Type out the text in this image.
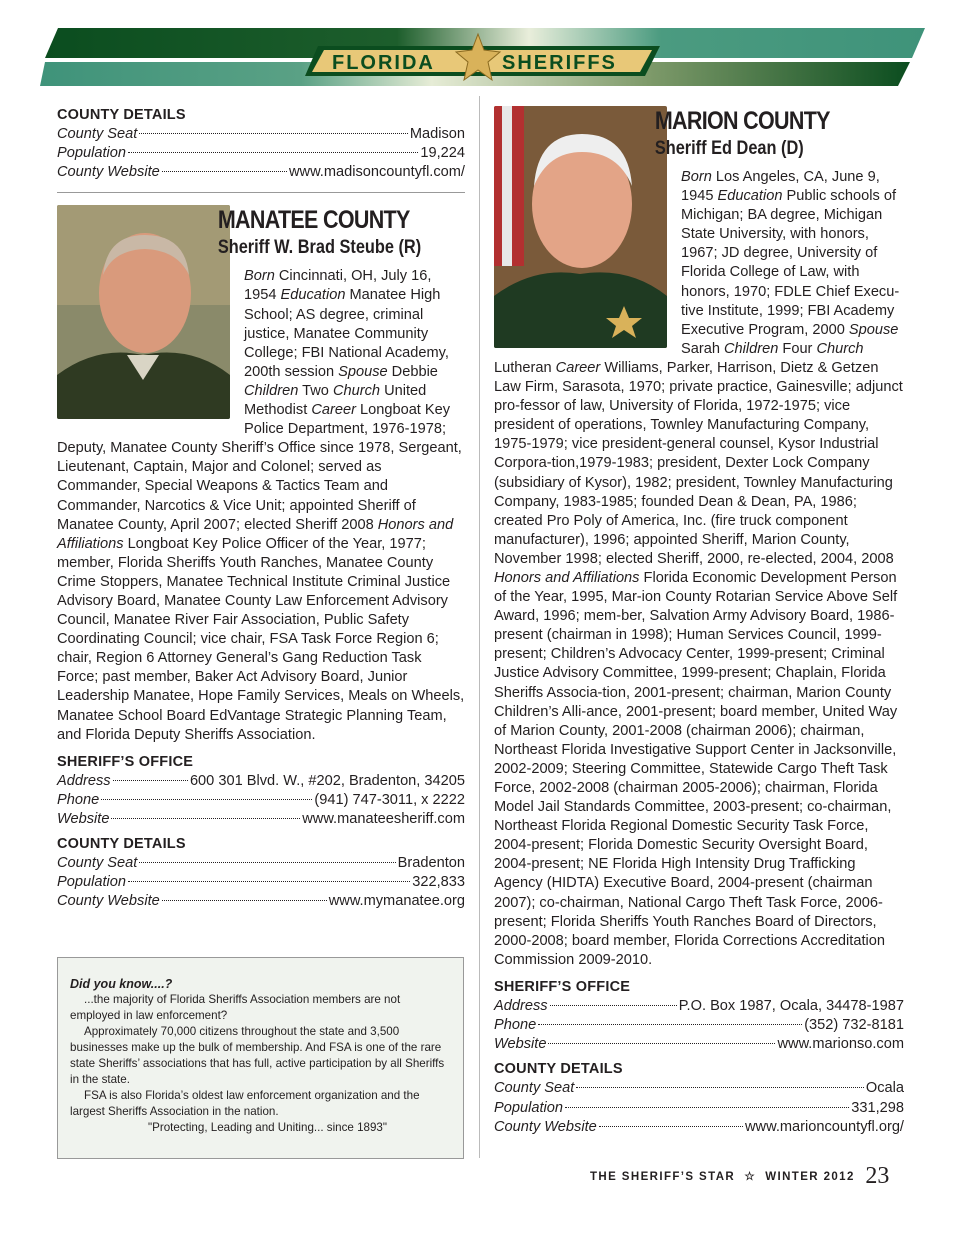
FLORIDA	SHERIFFS
COUNTY DETAILS
County Seat	Madison
Population	19,224
County Website	www.madisoncountyfl.com/
MANATEE COUNTY
Sheriff W. Brad Steube (R)
Born Cincinnati, OH, July 16, 1954 Education Manatee High School; AS degree, criminal justice, Manatee Community College; FBI National Academy, 200th session Spouse Debbie Children Two Church United Methodist Career Longboat Key Police Department, 1976-1978; Deputy, Manatee County Sheriff’s Office since 1978, Sergeant, Lieutenant, Captain, Major and Colonel; served as Commander, Special Weapons & Tactics Team and Commander, Narcotics & Vice Unit; appointed Sheriff of Manatee County, April 2007; elected Sheriff 2008 Honors and Affiliations Longboat Key Police Officer of the Year, 1977; member, Florida Sheriffs Youth Ranches, Manatee County Crime Stoppers, Manatee Technical Institute Criminal Justice Advisory Board, Manatee County Law Enforcement Advisory Council, Manatee River Fair Association, Public Safety Coordinating Council; vice chair, FSA Task Force Region 6; chair, Region 6 Attorney General’s Gang Reduction Task Force; past member, Baker Act Advisory Board, Junior Leadership Manatee, Hope Family Services, Meals on Wheels, Manatee School Board EdVantage Strategic Planning Team, and Florida Deputy Sheriffs Association.
SHERIFF’S OFFICE
Address	600 301 Blvd. W., #202, Bradenton, 34205
Phone	(941) 747-3011, x 2222
Website	www.manateesheriff.com
COUNTY DETAILS
County Seat	Bradenton
Population	322,833
County Website	www.mymanatee.org

Did you know....?

...the majority of Florida Sheriffs Association members are not employed in law enforcement?

Approximately 70,000 citizens throughout the state and 3,500 businesses make up the bulk of membership. And FSA is one of the rare state Sheriffs’ associations that has full, active participation by all Sheriffs in the state.

FSA is also Florida’s oldest law enforcement organization and the largest Sheriffs Association in the nation.

"Protecting, Leading and Uniting... since 1893"

MARION COUNTY
Sheriff Ed Dean (D)
Born Los Angeles, CA, June 9, 1945 Education Public schools of Michigan; BA degree, Michigan State University, with honors, 1967; JD degree, University of Florida College of Law, with honors, 1970; FDLE Chief Execu-tive Institute, 1999; FBI Academy Executive Program, 2000 Spouse Sarah Children Four Church Lutheran Career Williams, Parker, Harrison, Dietz & Getzen Law Firm, Sarasota, 1970; private practice, Gainesville; adjunct pro-fessor of law, University of Florida, 1972-1975; vice president of operations, Townley Manufacturing Company, 1975-1979; vice president-general counsel, Kysor Industrial Corpora-tion,1979-1983; president, Dexter Lock Company (subsidiary of Kysor), 1982; president, Townley Manufacturing Company, 1983-1985; founded Dean & Dean, PA, 1986; created Pro Poly of America, Inc. (fire truck component manufacturer), 1996; appointed Sheriff, Marion County, November 1998; elected Sheriff, 2000, re-elected, 2004, 2008 Honors and Affiliations Florida Economic Development Person of the Year, 1995, Mar-ion County Rotarian Service Above Self Award, 1996; mem-ber, Salvation Army Advisory Board, 1986-present (chairman in 1998); Human Services Council, 1999-present; Children’s Advocacy Center, 1999-present; Criminal Justice Advisory Committee, 1999-present; Chaplain, Florida Sheriffs Associa-tion, 2001-present; chairman, Marion County Children’s Alli-ance, 2001-present; board member, United Way of Marion County, 2001-2008 (chairman 2006); chairman, Northeast Florida Investigative Support Center in Jacksonville, 2002-2009; Steering Committee, Statewide Cargo Theft Task Force, 2002-2008 (chairman 2005-2006); chairman, Florida Model Jail Standards Committee, 2003-present; co-chairman, Northeast Florida Regional Domestic Security Task Force, 2004-present; Florida Domestic Security Oversight Board, 2004-present; NE Florida High Intensity Drug Trafficking Agency (HIDTA) Executive Board, 2004-present (chairman 2007); co-chairman, National Cargo Theft Task Force, 2006-present; Florida Sheriffs Youth Ranches Board of Directors, 2000-2008; board member, Florida Corrections Accreditation Commission 2009-2010.
SHERIFF’S OFFICE
Address	P.O. Box 1987, Ocala, 34478-1987
Phone	(352) 732-8181
Website	www.marionso.com
COUNTY DETAILS
County Seat	Ocala
Population	331,298
County Website	www.marioncountyfl.org/
THE SHERIFF’S STAR  ☆  WINTER 2012 23
